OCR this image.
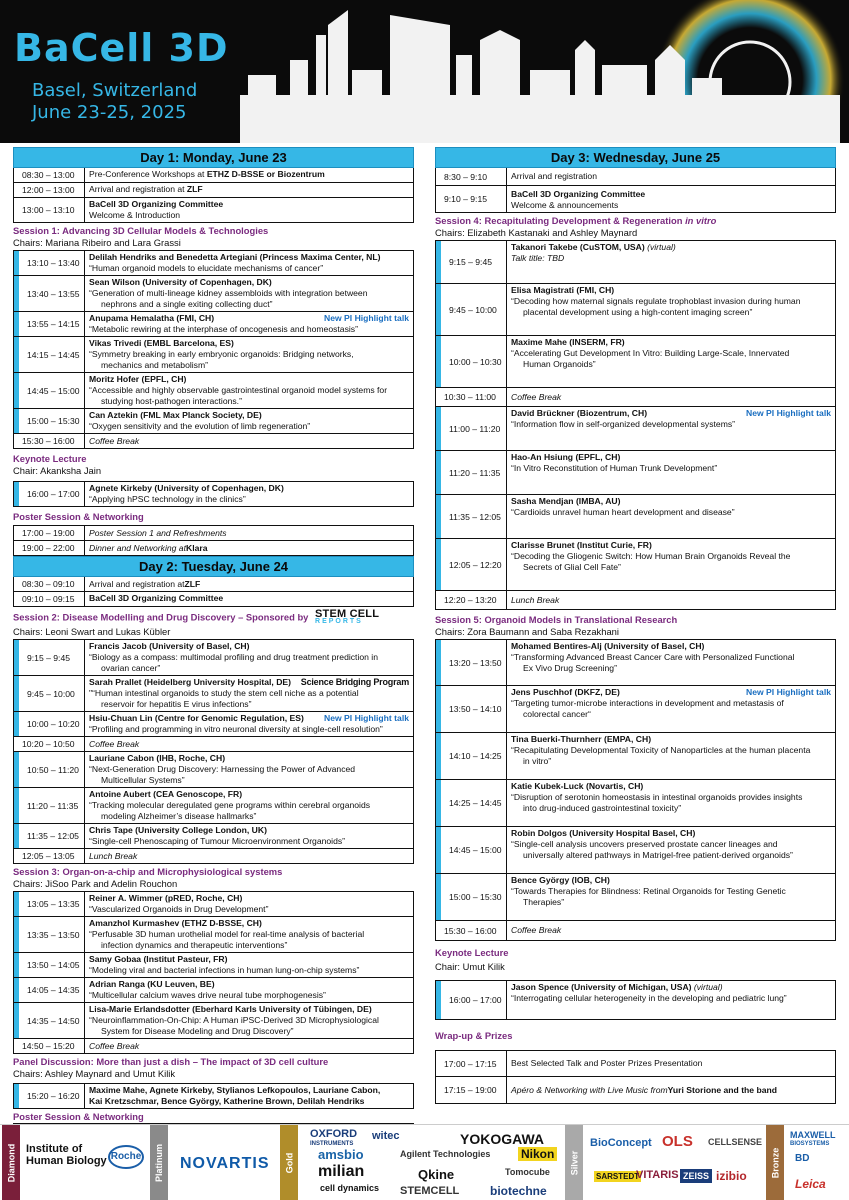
BaCell 3D
Basel, Switzerland
June 23-25, 2025
Day 1: Monday, June 23
08:30 – 13:00	Pre-Conference Workshops at ETHZ D-BSSE or Biozentrum
12:00 – 13:00	Arrival and registration at ZLF
13:00 – 13:10
BaCell 3D Organizing Committee
Welcome & Introduction
Session 1: Advancing 3D Cellular Models & Technologies
Chairs: Mariana Ribeiro and Lara Grassi
13:10 – 13:40
Delilah Hendriks and Benedetta Artegiani (Princess Maxima Center, NL)
“Human organoid models to elucidate mechanisms of cancer”
13:40 – 13:55
Sean Wilson (University of Copenhagen, DK)
“Generation of multi-lineage kidney assembloids with integration between
nephrons and a single exiting collecting duct”
13:55 – 14:15
Anupama Hemalatha (FMI, CH)	New PI Highlight talk
“Metabolic rewiring at the interphase of oncogenesis and homeostasis”
14:15 – 14:45
Vikas Trivedi (EMBL Barcelona, ES)
“Symmetry breaking in early embryonic organoids: Bridging networks,
mechanics and metabolism”
14:45 – 15:00
Moritz Hofer (EPFL, CH)
“Accessible and highly observable gastrointestinal organoid model systems for
studying host-pathogen interactions.”
15:00 – 15:30
Can Aztekin (FML Max Planck Society, DE)
“Oxygen sensitivity and the evolution of limb regeneration”
15:30 – 16:00	Coffee Break
Keynote Lecture
Chair: Akanksha Jain
16:00 – 17:00
Agnete Kirkeby (University of Copenhagen, DK)
“Applying hPSC technology in the clinics”
Poster Session & Networking
17:00 – 19:00	Poster Session 1 and Refreshments
19:00 – 22:00	Dinner and Networking at Klara
Day 2: Tuesday, June 24
08:30 – 09:10	Arrival and registration at ZLF
09:10 – 09:15	BaCell 3D Organizing Committee
Session 2: Disease Modelling and Drug Discovery – Sponsored by STEM CELL
REPORTS
Chairs: Leoni Swart and Lukas Kübler
9:15 – 9:45
Francis Jacob (University of Basel, CH)
“Biology as a compass: multimodal profiling and drug treatment prediction in
ovarian cancer”
9:45 – 10:00
Sarah Prallet (Heidelberg University Hospital, DE)	Science Bridging Program
"“Human intestinal organoids to study the stem cell niche as a potential
reservoir for hepatitis E virus infections”
10:00 – 10:20
Hsiu-Chuan Lin (Centre for Genomic Regulation, ES)	New PI Highlight talk
“Profiling and programming in vitro neuronal diversity at single-cell resolution”
10:20 – 10:50	Coffee Break
10:50 – 11:20
Lauriane Cabon (IHB, Roche, CH)
“Next-Generation Drug Discovery: Harnessing the Power of Advanced
Multicellular Systems”
11:20 – 11:35
Antoine Aubert (CEA Genoscope, FR)
“Tracking molecular deregulated gene programs within cerebral organoids
modeling Alzheimer’s disease hallmarks”
11:35 – 12:05
Chris Tape (University College London, UK)
“Single-cell Phenoscaping of Tumour Microenvironment Organoids”
12:05 – 13:05	Lunch Break
Session 3: Organ-on-a-chip and Microphysiological systems
Chairs: JiSoo Park and Adelin Rouchon
13:05 – 13:35
Reiner A. Wimmer (pRED, Roche, CH)
“Vascularized Organoids in Drug Development”
13:35 – 13:50
Amanzhol Kurmashev (ETHZ D-BSSE, CH)
“Perfusable 3D human urothelial model for real-time analysis of bacterial
infection dynamics and therapeutic interventions”
13:50 – 14:05
Samy Gobaa (Institut Pasteur, FR)
“Modeling viral and bacterial infections in human lung-on-chip systems”
14:05 – 14:35
Adrian Ranga (KU Leuven, BE)
“Multicellular calcium waves drive neural tube morphogenesis”
14:35 – 14:50
Lisa-Marie Erlandsdotter (Eberhard Karls University of Tübingen, DE)
“Neuroinflammation-On-Chip: A Human iPSC-Derived 3D Microphysiological
System for Disease Modeling and Drug Discovery”
14:50 – 15:20	Coffee Break
Panel Discussion: More than just a dish – The impact of 3D cell culture
Chairs: Ashley Maynard and Umut Kilik
15:20 – 16:20
Maxime Mahe, Agnete Kirkeby, Stylianos Lefkopoulos, Lauriane Cabon,
Kai Kretzschmar, Bence György, Katherine Brown, Delilah Hendriks
Poster Session & Networking
Day 3: Wednesday, June 25
8:30 – 9:10	Arrival and registration
9:10 – 9:15	BaCell 3D Organizing Committee
Welcome & announcements
Session 4: Recapitulating Development & Regeneration in vitro
Chairs: Elizabeth Kastanaki and Ashley Maynard
9:15 – 9:45
Takanori Takebe (CuSTOM, USA) (virtual)
Talk title: TBD
9:45 – 10:00
Elisa Magistrati (FMI, CH)
“Decoding how maternal signals regulate trophoblast invasion during human
placental development using a high-content imaging screen”
10:00 – 10:30
Maxime Mahe (INSERM, FR)
“Accelerating Gut Development In Vitro: Building Large-Scale, Innervated
Human Organoids”
10:30 – 11:00	Coffee Break
11:00 – 11:20
David Brückner (Biozentrum, CH)	New PI Highlight talk
“Information flow in self-organized developmental systems”
11:20 – 11:35
Hao-An Hsiung (EPFL, CH)
“In Vitro Reconstitution of Human Trunk Development”
11:35 – 12:05
Sasha Mendjan (IMBA, AU)
“Cardioids unravel human heart development and disease”
12:05 – 12:20
Clarisse Brunet (Institut Curie, FR)
“Decoding the Gliogenic Switch: How Human Brain Organoids Reveal the
Secrets of Glial Cell Fate”
12:20 – 13:20	Lunch Break
Session 5: Organoid Models in Translational Research
Chairs: Zora Baumann and Saba Rezakhani
13:20 – 13:50
Mohamed Bentires-Alj (University of Basel, CH)
“Transforming Advanced Breast Cancer Care with Personalized Functional
Ex Vivo Drug Screening”
13:50 – 14:10
Jens Puschhof (DKFZ, DE)	New PI Highlight talk
“Targeting tumor-microbe interactions in development and metastasis of
colorectal cancer“
14:10 – 14:25
Tina Buerki-Thurnherr (EMPA, CH)
“Recapitulating Developmental Toxicity of Nanoparticles at the human placenta
in vitro”
14:25 – 14:45
Katie Kubek-Luck (Novartis, CH)
“Disruption of serotonin homeostasis in intestinal organoids provides insights
into drug-induced gastrointestinal toxicity”
14:45 – 15:00
Robin Dolgos (University Hospital Basel, CH)
“Single-cell analysis uncovers preserved prostate cancer lineages and
universally altered pathways in Matrigel-free patient-derived organoids”
15:00 – 15:30
Bence György (IOB, CH)
“Towards Therapies for Blindness: Retinal Organoids for Testing Genetic
Therapies”
15:30 – 16:00	Coffee Break
Keynote Lecture
Chair: Umut Kilik
16:00 – 17:00
Jason Spence (University of Michigan, USA) (virtual)
“Interrogating cellular heterogeneity in the developing and pediatric lung”
Wrap-up & Prizes
17:00 – 17:15	Best Selected Talk and Poster Prizes Presentation
17:15 – 19:00	Apéro & Networking with Live Music from Yuri Storione and the band
Diamond Institute of
Human Biology Roche	Platinum NOVARTIS Gold
OXFORD
INSTRUMENTS
witec
amsbio	Agilent Technologies
milian	Qkine
cell dynamics STEMCELL
YOKOGAWA
Nikon
Tomocube
biotechne
Silver
BioConcept OLS CELLSENSE
SARSTEDT
VITARIS ZEISS izibio	Bronze
MAXWELL
BIOSYSTEMS
BD
Leica
